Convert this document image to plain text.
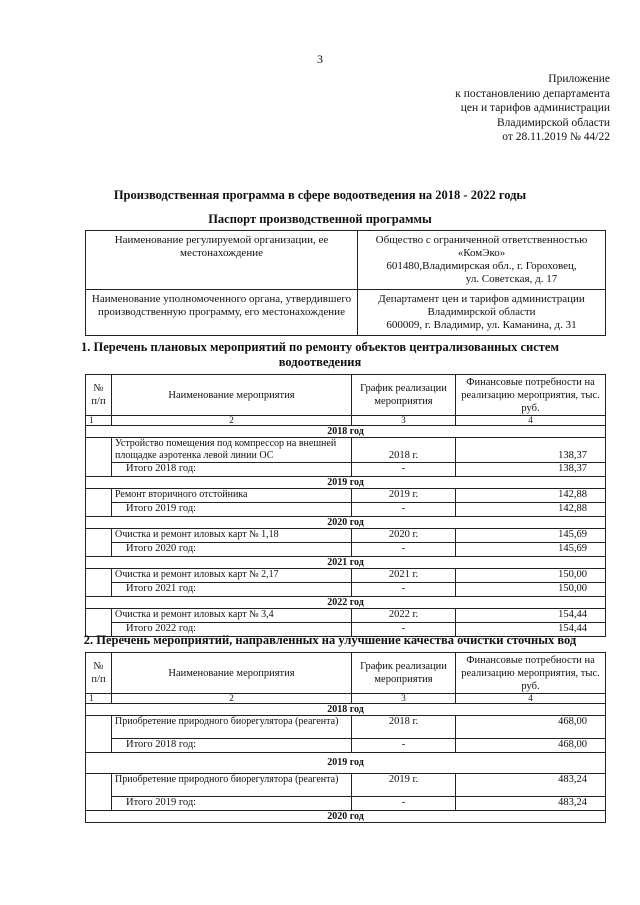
3
Приложение
к постановлению департамента
цен и тарифов администрации
Владимирской области
от 28.11.2019 № 44/22
Производственная программа в сфере водоотведения на 2018 - 2022 годы
Паспорт производственной программы
Наименование регулируемой организации, ее местонахождение	Общество с ограниченной ответственностью
«КомЭко»
601480,Владимирская обл., г. Гороховец,
ул. Советская, д. 17

Наименование уполномоченного органа, утвердившего производственную программу, его местонахождение	Департамент цен и тарифов администрации
Владимирской области
600009, г. Владимир, ул. Каманина, д. 31
1. Перечень плановых мероприятий по ремонту объектов централизованных систем водоотведения
№ п/п	Наименование мероприятия	График реализации мероприятия	Финансовые потребности на реализацию мероприятия, тыс. руб.
1	2	3	4
2018 год			
	Устройство помещения под компрессор на внешней площадке аэротенка левой линии ОС	2018 г.	138,37
	Итого 2018 год:	-	138,37
2019 год			
	Ремонт вторичного отстойника	2019 г.	142,88
	Итого 2019 год:	-	142,88
2020 год			
	Очистка и ремонт иловых карт № 1,18	2020 г.	145,69
	Итого 2020 год:	-	145,69
2021 год			
	Очистка и ремонт иловых карт № 2,17	2021 г.	150,00
	Итого 2021 год:	-	150,00
2022 год			
	Очистка и ремонт иловых карт № 3,4	2022 г.	154,44
	Итого 2022 год:	-	154,44
2. Перечень мероприятий, направленных на улучшение качества очистки сточных вод
№ п/п	Наименование мероприятия	График реализации мероприятия	Финансовые потребности на реализацию мероприятия, тыс. руб.
1	2	3	4
2018 год			
	Приобретение природного биорегулятора (реагента)	2018 г.	468,00
	Итого 2018 год:	-	468,00
2019 год			
	Приобретение природного биорегулятора (реагента)	2019 г.	483,24
	Итого 2019 год:	-	483,24
2020 год			
